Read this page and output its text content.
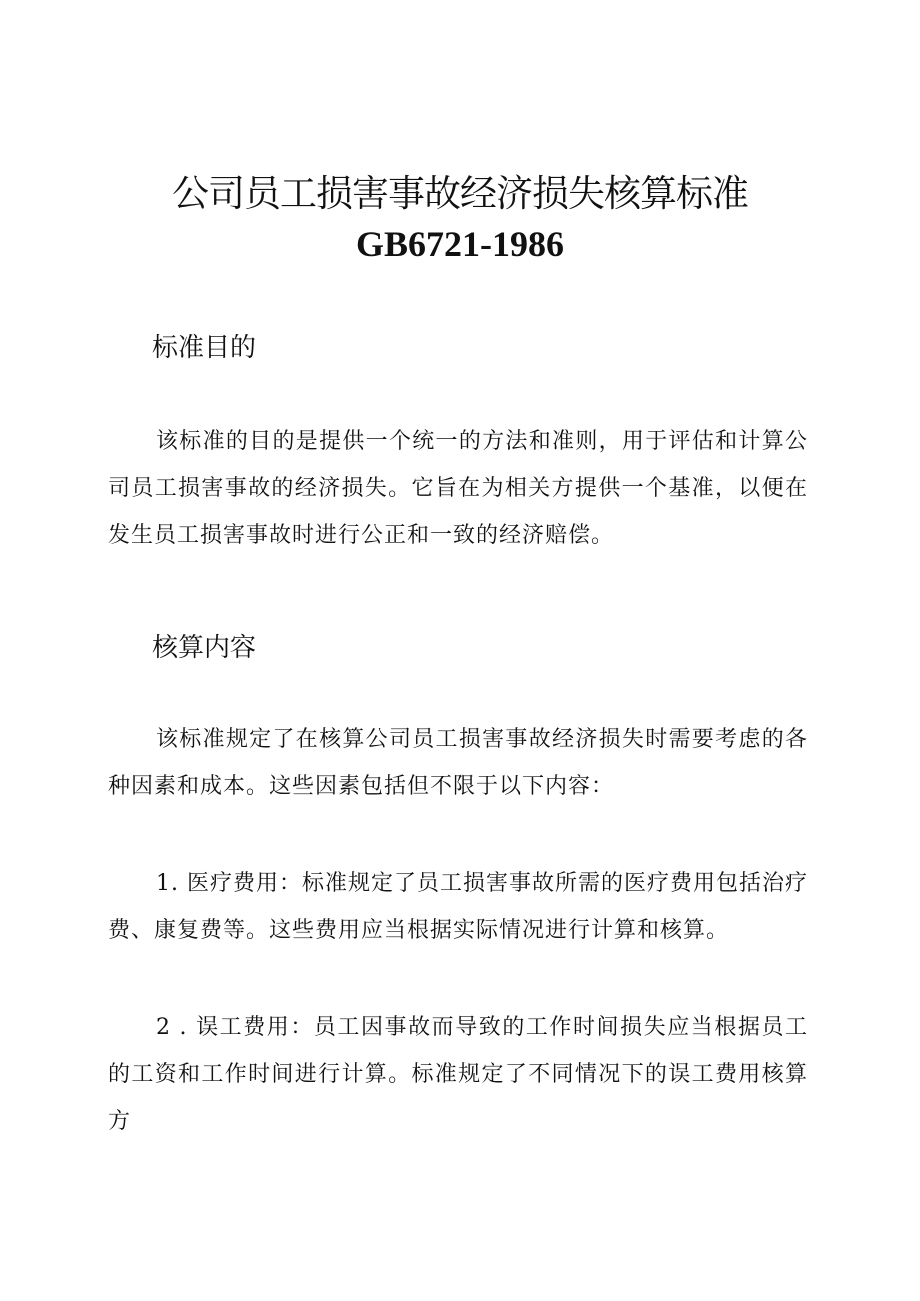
公司员工损害事故经济损失核算标准
GB6721-1986
标准目的

该标准的目的是提供一个统一的方法和准则，用于评估和计算公司员工损害事故的经济损失。它旨在为相关方提供一个基准，以便在发生员工损害事故时进行公正和一致的经济赔偿。

核算内容

该标准规定了在核算公司员工损害事故经济损失时需要考虑的各种因素和成本。这些因素包括但不限于以下内容：

1. 医疗费用：标准规定了员工损害事故所需的医疗费用包括治疗费、康复费等。这些费用应当根据实际情况进行计算和核算。

2 . 误工费用：员工因事故而导致的工作时间损失应当根据员工的工资和工作时间进行计算。标准规定了不同情况下的误工费用核算方
